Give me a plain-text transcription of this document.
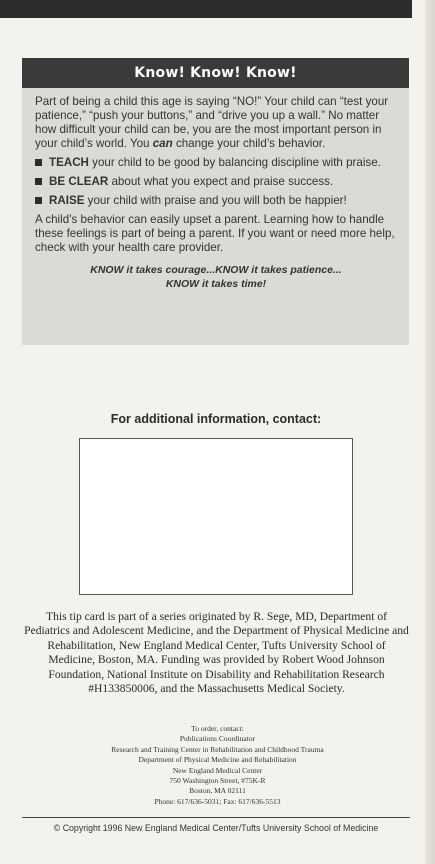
Know! Know! Know!

Part of being a child this age is saying “NO!” Your child can “test your patience,” “push your buttons,” and “drive you up a wall.” No matter how difficult your child can be, you are the most important person in your child’s world. You can change your child’s behavior.

TEACH your child to be good by balancing discipline with praise.
BE CLEAR about what you expect and praise success.
RAISE your child with praise and you will both be happier!

A child’s behavior can easily upset a parent. Learning how to handle these feelings is part of being a parent. If you want or need more help, check with your health care provider.

KNOW it takes courage...KNOW it takes patience...
KNOW it takes time!
For additional information, contact:

This tip card is part of a series originated by R. Sege, MD, Department of Pediatrics and Adolescent Medicine, and the Department of Physical Medicine and Rehabilitation, New England Medical Center, Tufts University School of Medicine, Boston, MA. Funding was provided by Robert Wood Johnson Foundation, National Institute on Disability and Rehabilitation Research #H133850006, and the Massachusetts Medical Society.

To order, contact:
Publications Coordinator
Research and Training Center in Rehabilitation and Childhood Trauma
Department of Physical Medicine and Rehabilitation
New England Medical Center
750 Washington Street, #75K-R
Boston, MA 02111
Phone: 617/636-5031; Fax: 617/636-5513
© Copyright 1996 New England Medical Center/Tufts University School of Medicine
